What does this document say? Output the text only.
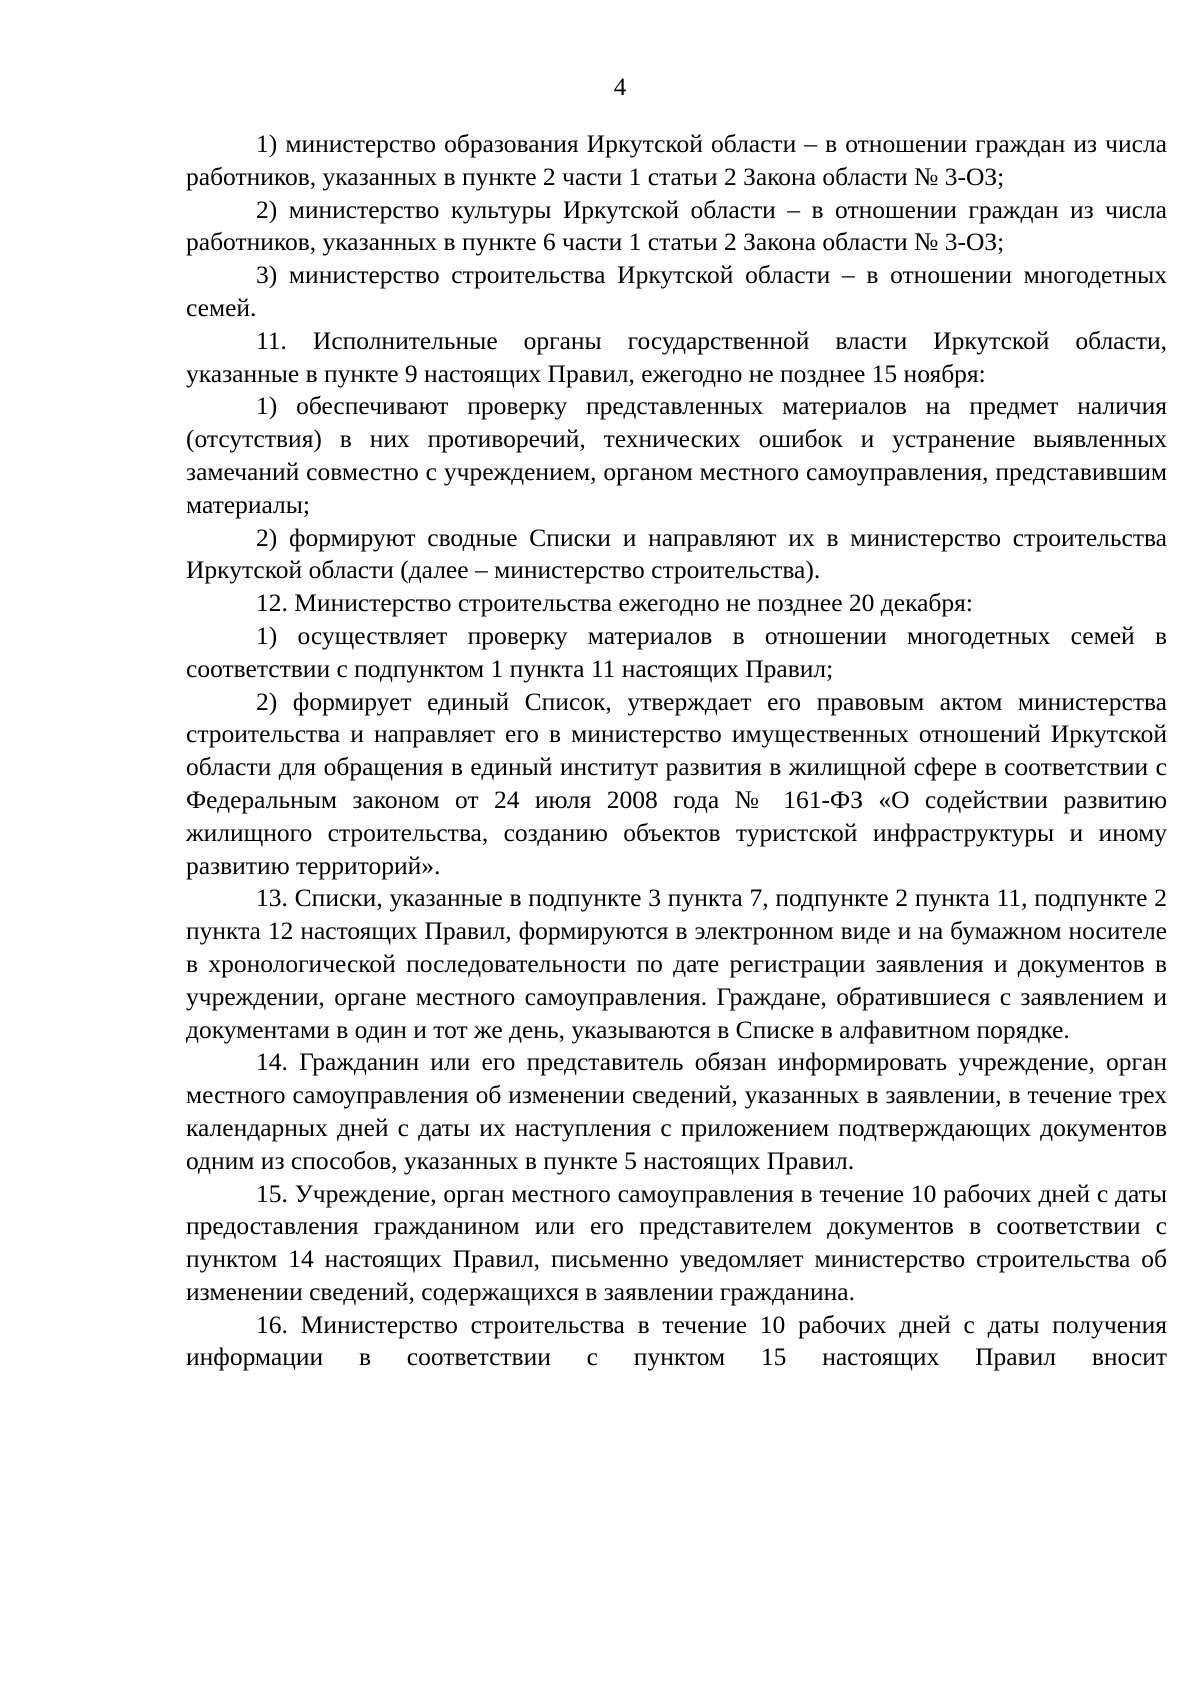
4

1) министерство образования Иркутской области – в отношении граждан из числа работников, указанных в пункте 2 части 1 статьи 2 Закона области № 3-ОЗ;

2) министерство культуры Иркутской области – в отношении граждан из числа работников, указанных в пункте 6 части 1 статьи 2 Закона области № 3-ОЗ;

3) министерство строительства Иркутской области – в отношении многодетных семей.

11. Исполнительные органы государственной власти Иркутской области, указанные в пункте 9 настоящих Правил, ежегодно не позднее 15 ноября:

1) обеспечивают проверку представленных материалов на предмет наличия (отсутствия) в них противоречий, технических ошибок и устранение выявленных замечаний совместно с учреждением, органом местного самоуправления, представившим материалы;

2) формируют сводные Списки и направляют их в министерство строительства Иркутской области (далее – министерство строительства).

12. Министерство строительства ежегодно не позднее 20 декабря:

1) осуществляет проверку материалов в отношении многодетных семей в соответствии с подпунктом 1 пункта 11 настоящих Правил;

2) формирует единый Список, утверждает его правовым актом министерства строительства и направляет его в министерство имущественных отношений Иркутской области для обращения в единый институт развития в жилищной сфере в соответствии с Федеральным законом от 24 июля 2008 года № 161-ФЗ «О содействии развитию жилищного строительства, созданию объектов туристской инфраструктуры и иному развитию территорий».

13. Списки, указанные в подпункте 3 пункта 7, подпункте 2 пункта 11, подпункте 2 пункта 12 настоящих Правил, формируются в электронном виде и на бумажном носителе в хронологической последовательности по дате регистрации заявления и документов в учреждении, органе местного самоуправления. Граждане, обратившиеся с заявлением и документами в один и тот же день, указываются в Списке в алфавитном порядке.

14. Гражданин или его представитель обязан информировать учреждение, орган местного самоуправления об изменении сведений, указанных в заявлении, в течение трех календарных дней с даты их наступления с приложением подтверждающих документов одним из способов, указанных в пункте 5 настоящих Правил.

15. Учреждение, орган местного самоуправления в течение 10 рабочих дней с даты предоставления гражданином или его представителем документов в соответствии с пунктом 14 настоящих Правил, письменно уведомляет министерство строительства об изменении сведений, содержащихся в заявлении гражданина.

16. Министерство строительства в течение 10 рабочих дней с даты получения информации в соответствии с пунктом 15 настоящих Правил вносит
